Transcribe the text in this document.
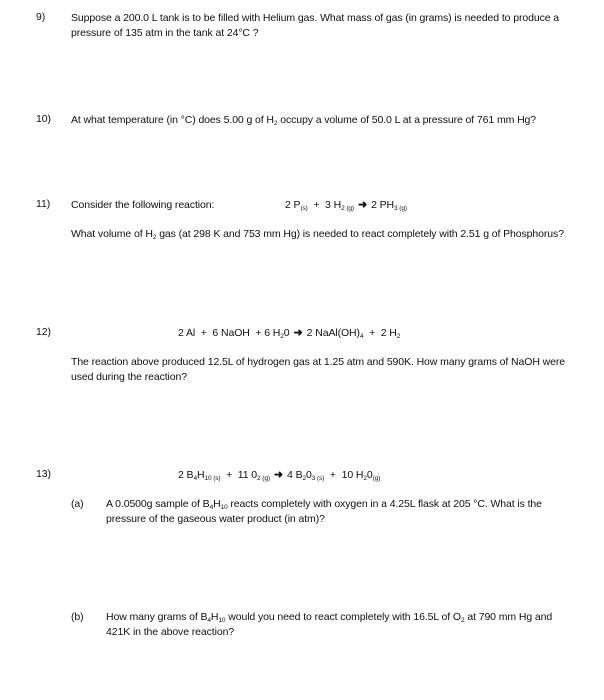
9) Suppose a 200.0 L tank is to be filled with Helium gas. What mass of gas (in grams) is needed to produce a
pressure of 135 atm in the tank at 24°C ?
10) At what temperature (in °C) does 5.00 g of $H_2$ occupy a volume of 50.0 L at a pressure of 761 mm Hg?
11) Consider the following reaction:	2 $P_{(s)} + 3$ $H_{2 (g)}$ ➜ 2 $PH_{3 (g)}$
What volume of $H_2$ gas (at 298 K and 753 mm Hg) is needed to react completely with 2.51 g of Phosphorus?
12)	2 Al  +  6 NaOH  + 6 $H_20$ ➜ 2 $NaAl(OH)_4 + 2$ $H_2$
The reaction above produced 12.5L of hydrogen gas at 1.25 atm and 590K. How many grams of NaOH were
used during the reaction?
13)	2 $B_4H_{10 (s)} + 11$ $0_{2 (g)}$ ➜ 4 $B_20_{3 (s)} + 10$ $H_20_{(g)}$
(a) A 0.0500g sample of $B_4H_{10}$ reacts completely with oxygen in a 4.25L flask at 205 °C. What is the
pressure of the gaseous water product (in atm)?
(b) How many grams of $B_4H_{10}$ would you need to react completely with 16.5L of $O_2$ at 790 mm Hg and
421K in the above reaction?
